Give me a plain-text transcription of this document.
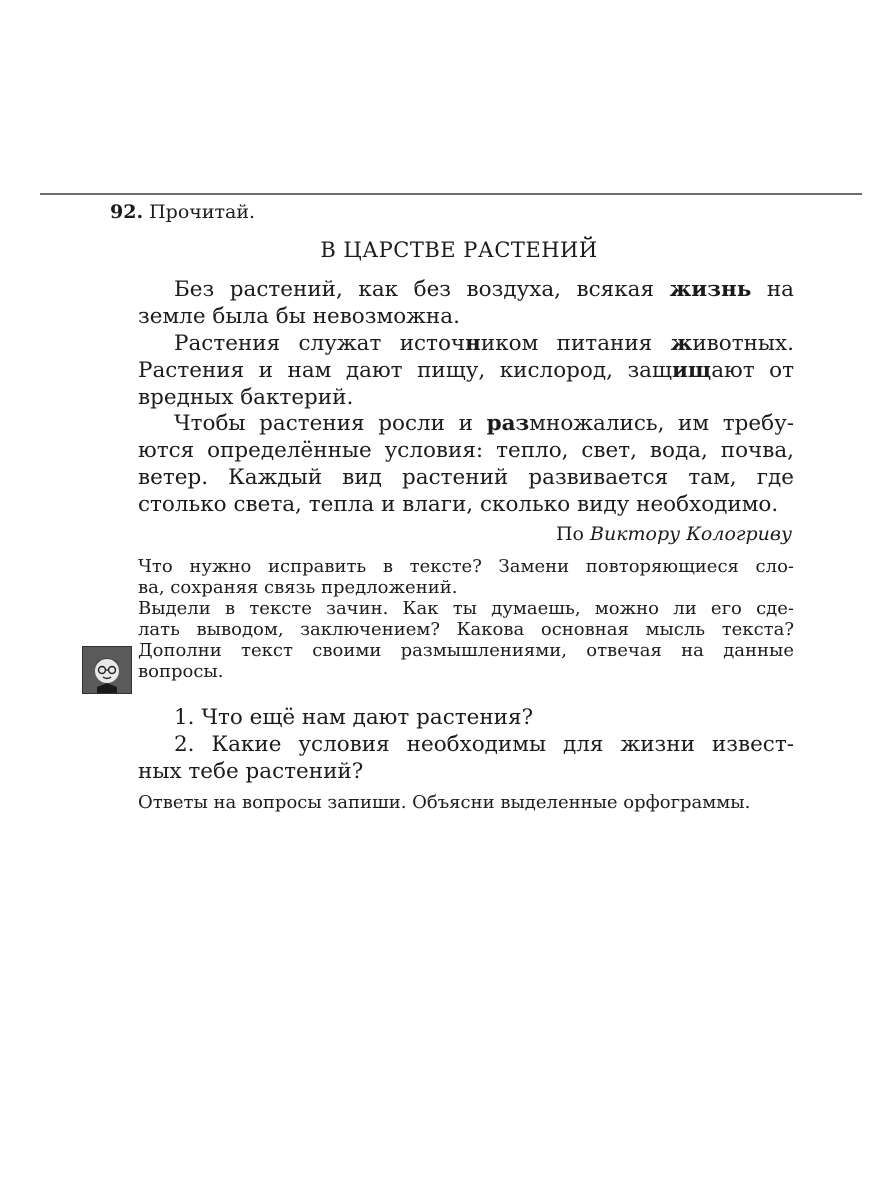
92. Прочитай.
В ЦАРСТВЕ РАСТЕНИЙ
Без растений, как без воздуха, всякая жизнь на
земле была бы невозможна.
Растения служат источником питания животных.
Растения и нам дают пищу, кислород, защищают от
вредных бактерий.
Чтобы растения росли и размножались, им требу-
ются определённые условия: тепло, свет, вода, почва,
ветер. Каждый вид растений развивается там, где
столько света, тепла и влаги, сколько виду необходимо.
По Виктору Кологриву
Что нужно исправить в тексте? Замени повторяющиеся сло-
ва, сохраняя связь предложений.
Выдели в тексте зачин. Как ты думаешь, можно ли его сде-
лать выводом, заключением? Какова основная мысль текста?
Дополни текст своими размышлениями, отвечая на данные
вопросы.
1. Что ещё нам дают растения?
2. Какие условия необходимы для жизни извест-
ных тебе растений?
Ответы на вопросы запиши. Объясни выделенные орфограммы.
